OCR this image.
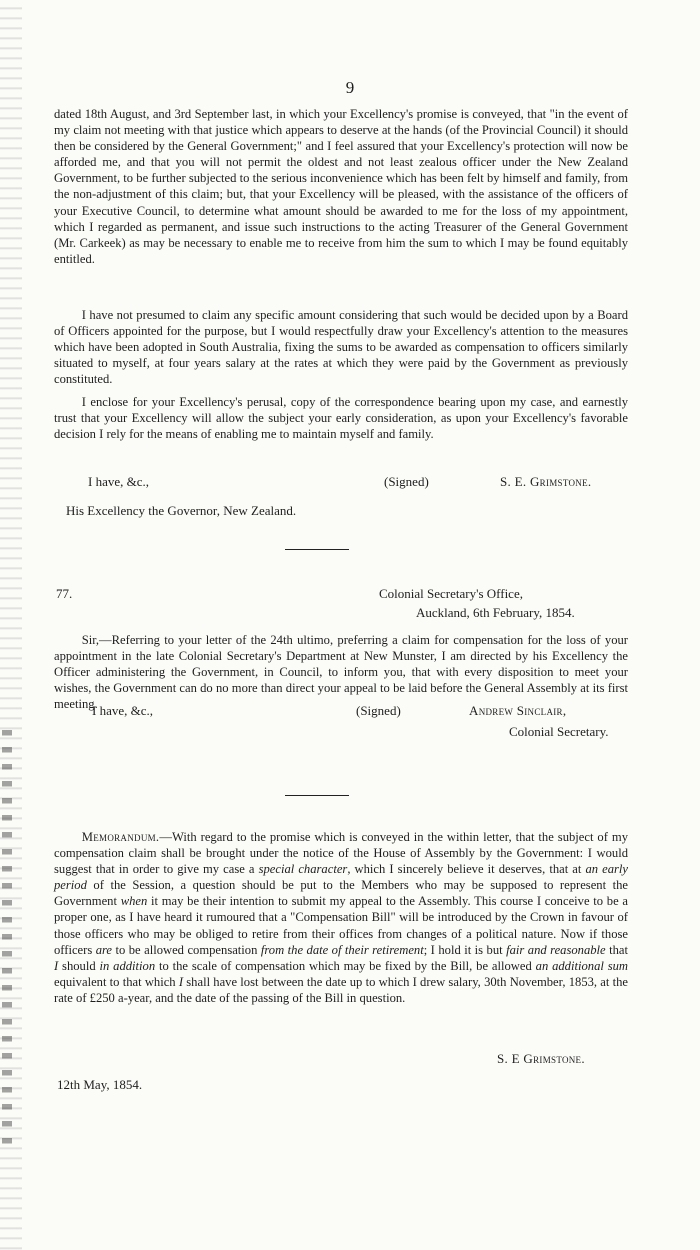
9

dated 18th August, and 3rd September last, in which your Excellency's promise is conveyed, that "in the event of my claim not meeting with that justice which appears to deserve at the hands (of the Provincial Council) it should then be considered by the General Government;" and I feel assured that your Excellency's protection will now be afforded me, and that you will not permit the oldest and not least zealous officer under the New Zealand Government, to be further subjected to the serious inconvenience which has been felt by himself and family, from the non-adjustment of this claim; but, that your Excellency will be pleased, with the assistance of the officers of your Executive Council, to determine what amount should be awarded to me for the loss of my appointment, which I regarded as permanent, and issue such instructions to the acting Treasurer of the General Government (Mr. Carkeek) as may be necessary to enable me to receive from him the sum to which I may be found equitably entitled.

I have not presumed to claim any specific amount considering that such would be decided upon by a Board of Officers appointed for the purpose, but I would respectfully draw your Excellency's attention to the measures which have been adopted in South Australia, fixing the sums to be awarded as compensation to officers similarly situated to myself, at four years salary at the rates at which they were paid by the Government as previously constituted.

I enclose for your Excellency's perusal, copy of the correspondence bearing upon my case, and earnestly trust that your Excellency will allow the subject your early consideration, as upon your Excellency's favorable decision I rely for the means of enabling me to maintain myself and family.

I have, &c.,	(Signed)	S. E. Grimstone.
His Excellency the Governor, New Zealand.
77.	Colonial Secretary's Office,
Auckland, 6th February, 1854.

Sir,—Referring to your letter of the 24th ultimo, preferring a claim for compensation for the loss of your appointment in the late Colonial Secretary's Department at New Munster, I am directed by his Excellency the Officer administering the Government, in Council, to inform you, that with every disposition to meet your wishes, the Government can do no more than direct your appeal to be laid before the General Assembly at its first meeting.

I have, &c.,	(Signed)	Andrew Sinclair,
Colonial Secretary.

Memorandum.—With regard to the promise which is conveyed in the within letter, that the subject of my compensation claim shall be brought under the notice of the House of Assembly by the Government: I would suggest that in order to give my case a special character, which I sincerely believe it deserves, that at an early period of the Session, a question should be put to the Members who may be supposed to represent the Government when it may be their intention to submit my appeal to the Assembly. This course I conceive to be a proper one, as I have heard it rumoured that a "Compensation Bill" will be introduced by the Crown in favour of those officers who may be obliged to retire from their offices from changes of a political nature. Now if those officers are to be allowed compensation from the date of their retirement; I hold it is but fair and reasonable that I should in addition to the scale of compensation which may be fixed by the Bill, be allowed an additional sum equivalent to that which I shall have lost between the date up to which I drew salary, 30th November, 1853, at the rate of £250 a-year, and the date of the passing of the Bill in question.

S. E Grimstone.
12th May, 1854.
